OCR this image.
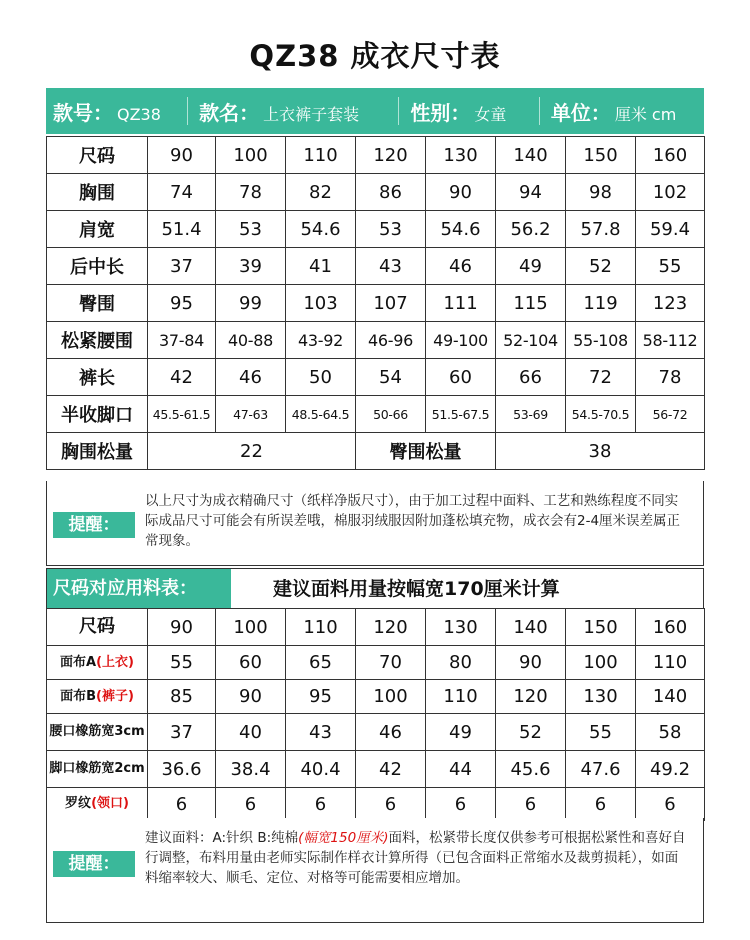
QZ38 成衣尺寸表
款号： QZ38 款名： 上衣裤子套装	性别： 女童 单位： 厘米 cm
尺码	90	100	110	120	130	140	150	160
胸围	74	78	82	86	90	94	98	102
肩宽	51.4	53	54.6	53	54.6	56.2	57.8	59.4
后中长	37	39	41	43	46	49	52	55
臀围	95	99	103	107	111	115	119	123
松紧腰围	37-84	40-88	43-92	46-96	49-100	52-104	55-108	58-112
裤长	42	46	50	54	60	66	72	78
半收脚口	45.5-61.5	47-63	48.5-64.5	50-66	51.5-67.5	53-69	54.5-70.5	56-72
胸围松量	22			臀围松量		38		
提醒：
以上尺寸为成衣精确尺寸（纸样净版尺寸），由于加工过程中面料、工艺和熟练程度不同实际成品尺寸可能会有所误差哦，棉服羽绒服因附加蓬松填充物，成衣会有2-4厘米误差属正常现象。
尺码对应用料表：	建议面料用量按幅宽170厘米计算
尺码	90	100	110	120	130	140	150	160
面布A(上衣)	55	60	65	70	80	90	100	110
面布B(裤子)	85	90	95	100	110	120	130	140
腰口橡筋宽3cm	37	40	43	46	49	52	55	58
脚口橡筋宽2cm	36.6	38.4	40.4	42	44	45.6	47.6	49.2
罗纹(领口)	6	6	6	6	6	6	6	6
提醒：
建议面料：A:针织 B:纯棉(幅宽150厘米)面料，松紧带长度仅供参考可根据松紧性和喜好自行调整，布料用量由老师实际制作样衣计算所得（已包含面料正常缩水及裁剪损耗），如面料缩率较大、顺毛、定位、对格等可能需要相应增加。
